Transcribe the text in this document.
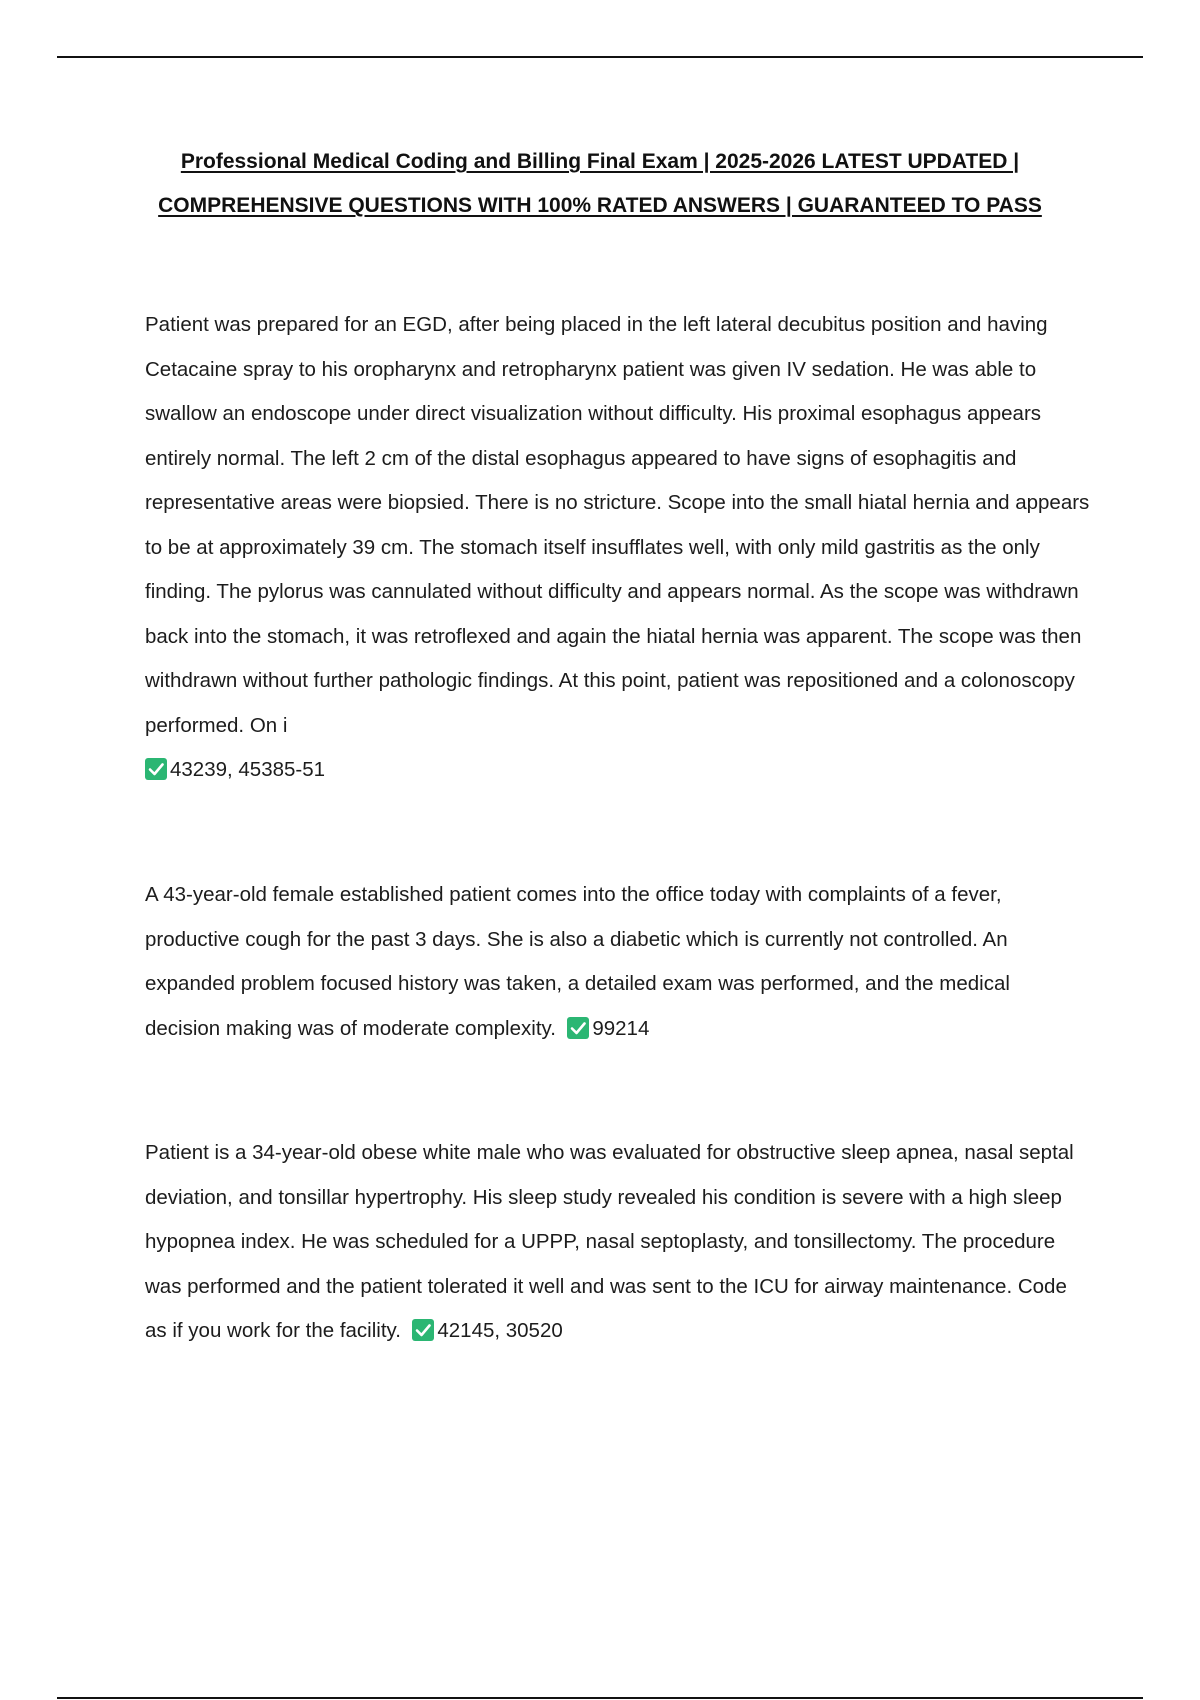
Professional Medical Coding and Billing Final Exam | 2025-2026 LATEST UPDATED |
COMPREHENSIVE QUESTIONS WITH 100% RATED ANSWERS | GUARANTEED TO PASS
Patient was prepared for an EGD, after being placed in the left lateral decubitus position and having Cetacaine spray to his oropharynx and retropharynx patient was given IV sedation. He was able to swallow an endoscope under direct visualization without difficulty. His proximal esophagus appears entirely normal. The left 2 cm of the distal esophagus appeared to have signs of esophagitis and representative areas were biopsied. There is no stricture. Scope into the small hiatal hernia and appears to be at approximately 39 cm. The stomach itself insufflates well, with only mild gastritis as the only finding. The pylorus was cannulated without difficulty and appears normal. As the scope was withdrawn back into the stomach, it was retroflexed and again the hiatal hernia was apparent. The scope was then withdrawn without further pathologic findings. At this point, patient was repositioned and a colonoscopy performed. On i
43239, 45385-51
A 43-year-old female established patient comes into the office today with complaints of a fever, productive cough for the past 3 days. She is also a diabetic which is currently not controlled. An expanded problem focused history was taken, a detailed exam was performed, and the medical decision making was of moderate complexity.
99214
Patient is a 34-year-old obese white male who was evaluated for obstructive sleep apnea, nasal septal deviation, and tonsillar hypertrophy. His sleep study revealed his condition is severe with a high sleep hypopnea index. He was scheduled for a UPPP, nasal septoplasty, and tonsillectomy. The procedure was performed and the patient tolerated it well and was sent to the ICU for airway maintenance. Code as if you work for the facility.
42145, 30520
